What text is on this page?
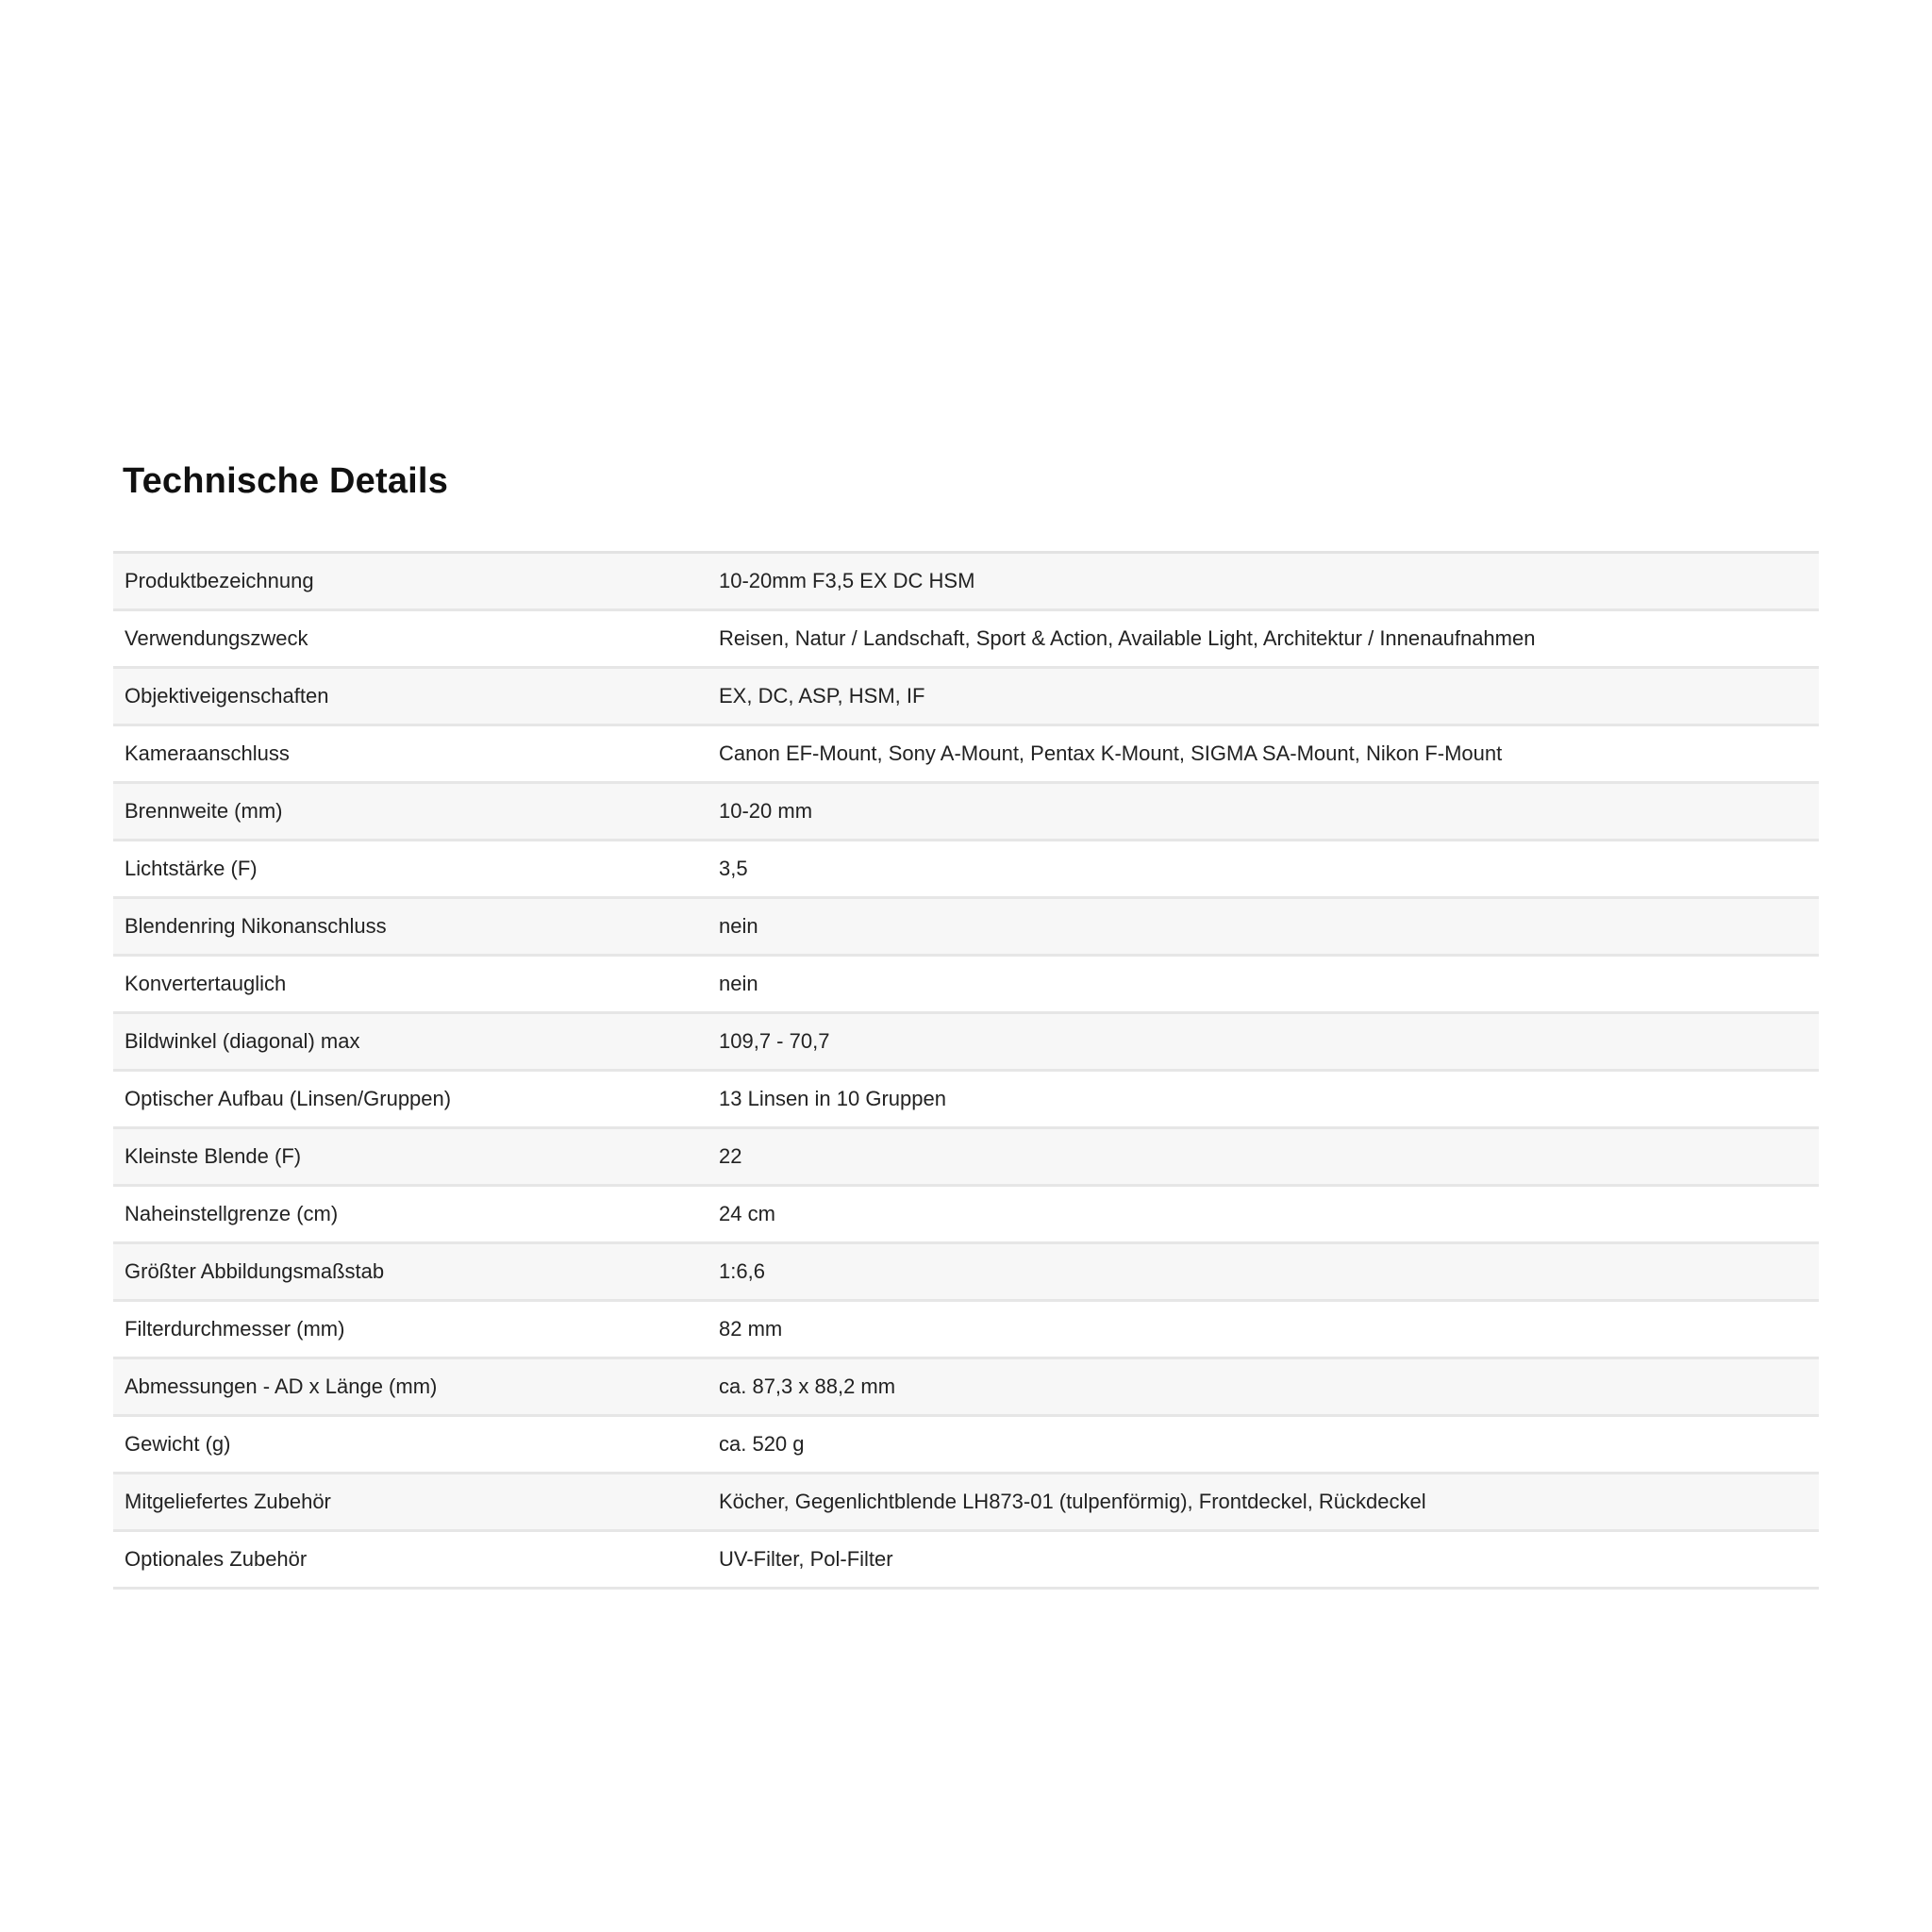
Technische Details
Produktbezeichnung	10-20mm F3,5 EX DC HSM
Verwendungszweck	Reisen, Natur / Landschaft, Sport & Action, Available Light, Architektur / Innenaufnahmen
Objektiveigenschaften	EX, DC, ASP, HSM, IF
Kameraanschluss	Canon EF-Mount, Sony A-Mount, Pentax K-Mount, SIGMA SA-Mount, Nikon F-Mount
Brennweite (mm)	10-20 mm
Lichtstärke (F)	3,5
Blendenring Nikonanschluss	nein
Konvertertauglich	nein
Bildwinkel (diagonal) max	109,7 - 70,7
Optischer Aufbau (Linsen/Gruppen)	13 Linsen in 10 Gruppen
Kleinste Blende (F)	22
Naheinstellgrenze (cm)	24 cm
Größter Abbildungsmaßstab	1:6,6
Filterdurchmesser (mm)	82 mm
Abmessungen - AD x Länge (mm)	ca. 87,3 x 88,2 mm
Gewicht (g)	ca. 520 g
Mitgeliefertes Zubehör	Köcher, Gegenlichtblende LH873-01 (tulpenförmig), Frontdeckel, Rückdeckel
Optionales Zubehör	UV-Filter, Pol-Filter
